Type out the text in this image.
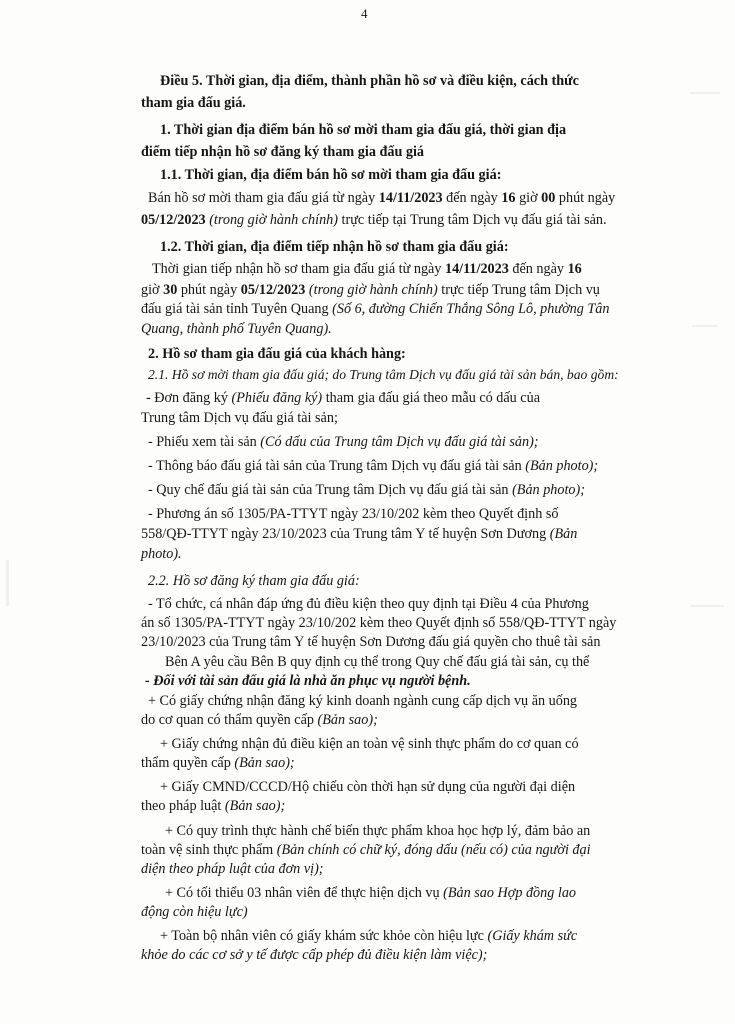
4
Điều 5. Thời gian, địa điểm, thành phần hồ sơ và điều kiện, cách thức
tham gia đấu giá.
1. Thời gian địa điểm bán hồ sơ mời tham gia đấu giá, thời gian địa
điểm tiếp nhận hồ sơ đăng ký tham gia đấu giá
1.1. Thời gian, địa điểm bán hồ sơ mời tham gia đấu giá:
Bán hồ sơ mời tham gia đấu giá từ ngày 14/11/2023 đến ngày 16 giờ 00 phút ngày
05/12/2023 (trong giờ hành chính) trực tiếp tại Trung tâm Dịch vụ đấu giá tài sản.
1.2. Thời gian, địa điểm tiếp nhận hồ sơ tham gia đấu giá:
Thời gian tiếp nhận hồ sơ tham gia đấu giá từ ngày 14/11/2023 đến ngày 16
giờ 30 phút ngày 05/12/2023 (trong giờ hành chính) trực tiếp Trung tâm Dịch vụ
đấu giá tài sản tỉnh Tuyên Quang (Số 6, đường Chiến Thắng Sông Lô, phường Tân
Quang, thành phố Tuyên Quang).
2. Hồ sơ tham gia đấu giá của khách hàng:
2.1. Hồ sơ mời tham gia đấu giá; do Trung tâm Dịch vụ đấu giá tài sản bán, bao gồm:
- Đơn đăng ký (Phiếu đăng ký) tham gia đấu giá theo mẫu có dấu của
Trung tâm Dịch vụ đấu giá tài sản;
- Phiếu xem tài sản (Có dấu của Trung tâm Dịch vụ đấu giá tài sản);
- Thông báo đấu giá tài sản của Trung tâm Dịch vụ đấu giá tài sản (Bản photo);
- Quy chế đấu giá tài sản của Trung tâm Dịch vụ đấu giá tài sản (Bản photo);
- Phương án số 1305/PA-TTYT ngày 23/10/202 kèm theo Quyết định số
558/QĐ-TTYT ngày 23/10/2023 của Trung tâm Y tế huyện Sơn Dương (Bản
photo).
2.2. Hồ sơ đăng ký tham gia đấu giá:
- Tổ chức, cá nhân đáp ứng đủ điều kiện theo quy định tại Điều 4 của Phương
án số 1305/PA-TTYT ngày 23/10/202 kèm theo Quyết định số 558/QĐ-TTYT ngày
23/10/2023 của Trung tâm Y tế huyện Sơn Dương đấu giá quyền cho thuê tài sản
Bên A yêu cầu Bên B quy định cụ thể trong Quy chế đấu giá tài sản, cụ thể
- Đối với tài sản đấu giá là nhà ăn phục vụ người bệnh.
+ Có giấy chứng nhận đăng ký kinh doanh ngành cung cấp dịch vụ ăn uống
do cơ quan có thẩm quyền cấp (Bản sao);
+ Giấy chứng nhận đủ điều kiện an toàn vệ sinh thực phẩm do cơ quan có
thẩm quyền cấp (Bản sao);
+ Giấy CMND/CCCD/Hộ chiếu còn thời hạn sử dụng của người đại diện
theo pháp luật (Bản sao);
+ Có quy trình thực hành chế biến thực phẩm khoa học hợp lý, đảm bảo an
toàn vệ sinh thực phẩm (Bản chính có chữ ký, đóng dấu (nếu có) của người đại
diện theo pháp luật của đơn vị);
+ Có tối thiểu 03 nhân viên để thực hiện dịch vụ (Bản sao Hợp đồng lao
động còn hiệu lực)
+ Toàn bộ nhân viên có giấy khám sức khỏe còn hiệu lực (Giấy khám sức
khỏe do các cơ sở y tế được cấp phép đủ điều kiện làm việc);
